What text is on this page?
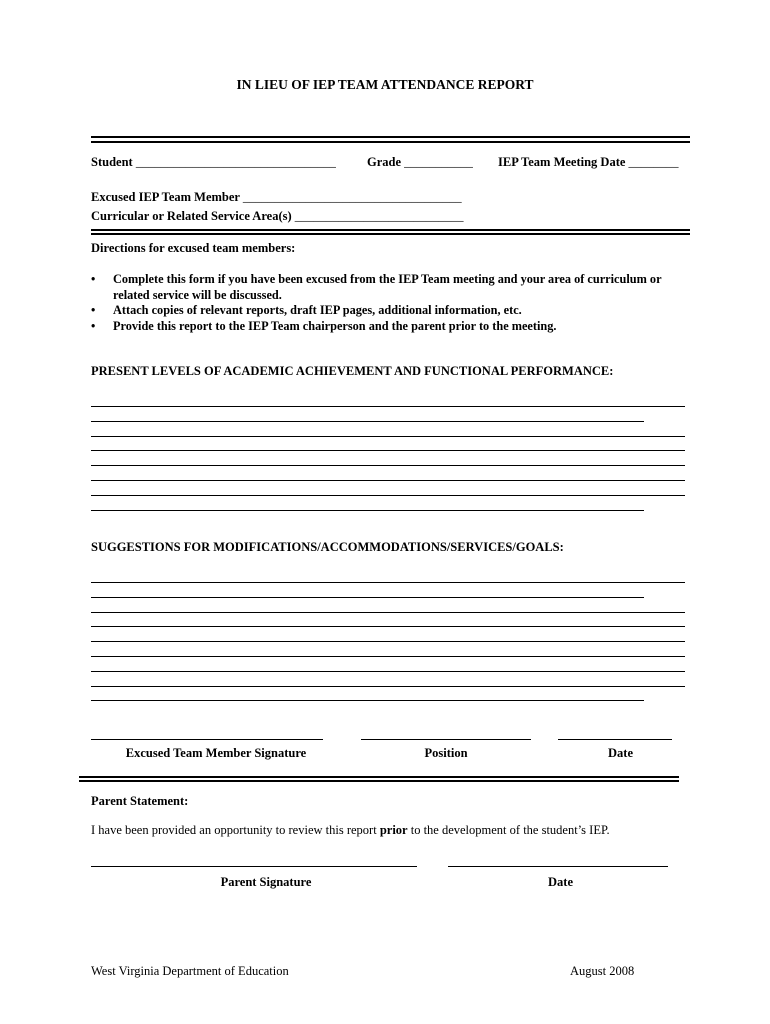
IN LIEU OF IEP TEAM ATTENDANCE REPORT
Student ________________________________ Grade ___________ IEP Team Meeting Date ________
Excused IEP Team Member ___________________________________
Curricular or Related Service Area(s) ___________________________
Directions for excused team members:
• Complete this form if you have been excused from the IEP Team meeting and your area of curriculum or related service will be discussed.
• Attach copies of relevant reports, draft IEP pages, additional information, etc.
• Provide this report to the IEP Team chairperson and the parent prior to the meeting.
PRESENT LEVELS OF ACADEMIC ACHIEVEMENT AND FUNCTIONAL PERFORMANCE:
SUGGESTIONS FOR MODIFICATIONS/ACCOMMODATIONS/SERVICES/GOALS:
Excused Team Member Signature	Position	Date
Parent Statement:
I have been provided an opportunity to review this report prior to the development of the student’s IEP.
Parent Signature	Date
West Virginia Department of Education	August 2008
